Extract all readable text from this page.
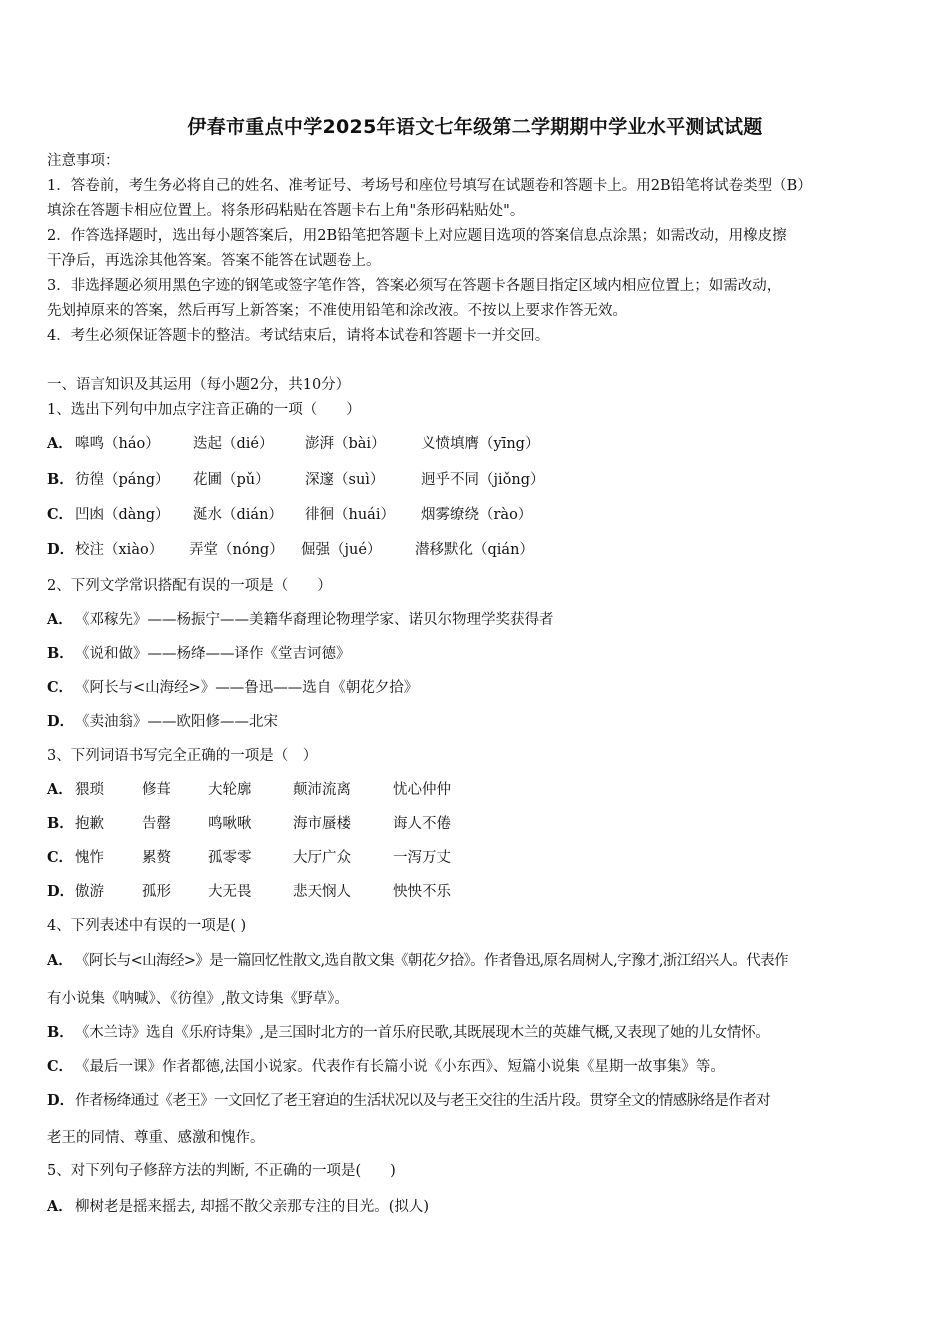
伊春市重点中学2025年语文七年级第二学期期中学业水平测试试题
注意事项：
1．答卷前，考生务必将自己的姓名、准考证号、考场号和座位号填写在试题卷和答题卡上。用2B铅笔将试卷类型（B）
填涂在答题卡相应位置上。将条形码粘贴在答题卡右上角"条形码粘贴处"。
2．作答选择题时，选出每小题答案后，用2B铅笔把答题卡上对应题目选项的答案信息点涂黑；如需改动，用橡皮擦
干净后，再选涂其他答案。答案不能答在试题卷上。
3．非选择题必须用黑色字迹的钢笔或签字笔作答，答案必须写在答题卡各题目指定区域内相应位置上；如需改动，
先划掉原来的答案，然后再写上新答案；不准使用铅笔和涂改液。不按以上要求作答无效。
4．考生必须保证答题卡的整洁。考试结束后，请将本试卷和答题卡一并交回。
一、语言知识及其运用（每小题2分，共10分）
1、选出下列句中加点字注音正确的一项（　　）
A． 嗥鸣（háo） 迭起（dié） 澎湃（bài） 义愤填膺（yīng）
B．彷徨（páng） 花圃（pǔ） 深邃（suì）	迥乎不同（jiǒng）
C． 凹凼（dàng） 涎水（dián） 徘徊（huái） 烟雾缭绕（rào）
D．校注（xiào） 弄堂（nóng） 倔强（jué） 潜移默化（qián）
2、下列文学常识搭配有误的一项是（　　）
A． 《邓稼先》——杨振宁——美籍华裔理论物理学家、诺贝尔物理学奖获得者
B．《说和做》——杨绛——译作《堂吉诃德》
C． 《阿长与<山海经>》——鲁迅——选自《朝花夕拾》
D．《卖油翁》——欧阳修——北宋
3、下列词语书写完全正确的一项是（　）
A． 猥琐	修葺	大轮廓	颠沛流离	忧心仲仲
B．抱歉	告罄	鸣啾啾	海市蜃楼	诲人不倦
C． 愧怍	累赘	孤零零	大厅广众	一泻万丈
D．傲游	孤形	大无畏	悲天悯人	怏怏不乐
4、下列表述中有误的一项是( )
A． 《阿长与<山海经>》是一篇回忆性散文,选自散文集《朝花夕拾》。作者鲁迅,原名周树人,字豫才,浙江绍兴人。代表作
有小说集《呐喊》、《彷徨》,散文诗集《野草》。
B．《木兰诗》选自《乐府诗集》,是三国时北方的一首乐府民歌,其既展现木兰的英雄气概,又表现了她的儿女情怀。
C． 《最后一课》作者都德,法国小说家。代表作有长篇小说《小东西》、短篇小说集《星期一故事集》等。
D．作者杨绛通过《老王》一文回忆了老王窘迫的生活状况以及与老王交往的生活片段。贯穿全文的情感脉络是作者对
老王的同情、尊重、感激和愧作。
5、对下列句子修辞方法的判断, 不正确的一项是(　　)
A． 柳树老是摇来摇去, 却摇不散父亲那专注的目光。(拟人)
